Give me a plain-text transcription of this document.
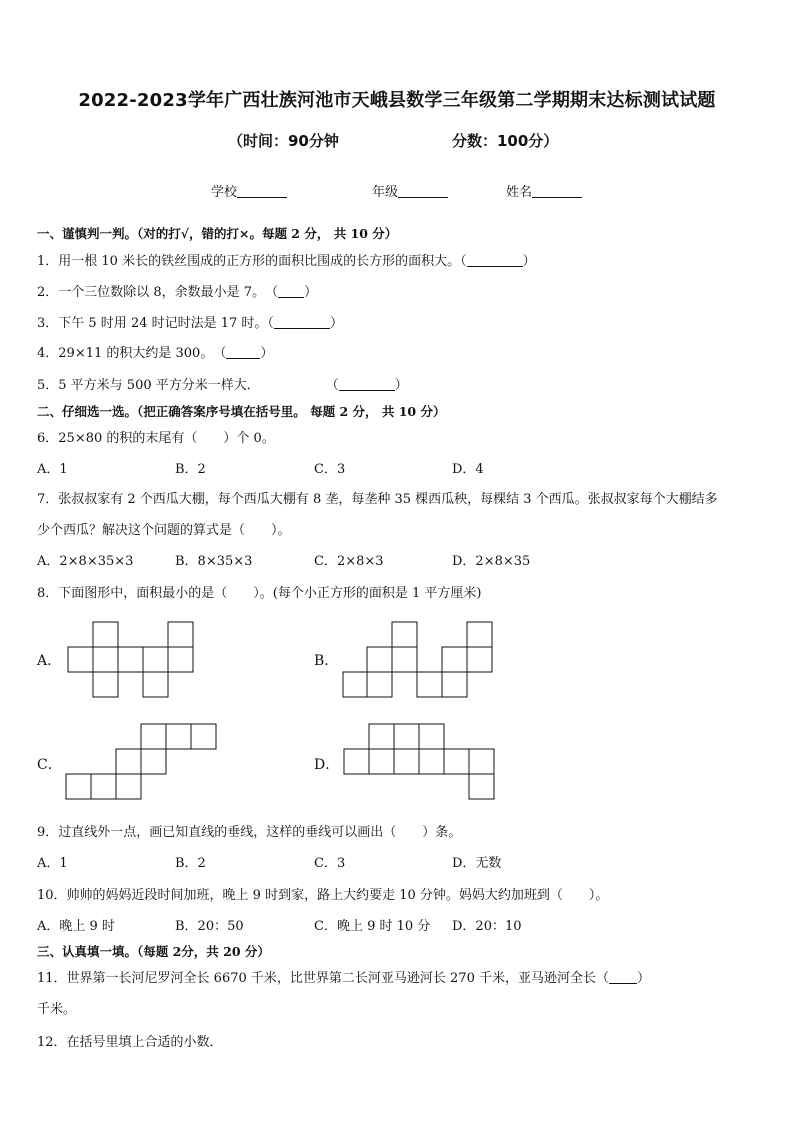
2022-2023学年广西壮族河池市天峨县数学三年级第二学期期末达标测试试题
（时间：90分钟	分数：100分）
学校	年级	姓名
一、谨慎判一判。（对的打√，错的打×。每题 2 分， 共 10 分）
1．用一根 10 米长的铁丝围成的正方形的面积比围成的长方形的面积大。（	）
2．一个三位数除以 8，余数最小是 7。　（ ）
3．下午 5 时用 24 时记时法是 17 时。（	）
4．29×11 的积大约是 300。　（	）
5．5 平方米与 500 平方分米一样大．	（	）
二、仔细选一选。（把正确答案序号填在括号里。 每题 2 分， 共 10 分）
6．25×80 的积的末尾有（　　）个 0。
A．1	B．2	C．3	D．4
7．张叔叔家有 2 个西瓜大棚，每个西瓜大棚有 8 垄，每垄种 35 棵西瓜秧，每棵结 3 个西瓜。张叔叔家每个大棚结多
少个西瓜？解决这个问题的算式是（　　）。
A．2×8×35×3	B．8×35×3	C．2×8×3	D．2×8×35
8．下面图形中，面积最小的是（　　）。(每个小正方形的面积是 1 平方厘米)
A．	B．
C．	D．
9．过直线外一点，画已知直线的垂线，这样的垂线可以画出（　　）条。
A．1	B．2	C．3	D．无数
10．帅帅的妈妈近段时间加班，晚上 9 时到家，路上大约要走 10 分钟。妈妈大约加班到（　　）。
A．晚上 9 时	B．20：50	C．晚上 9 时 10 分 D．20：10
三、认真填一填。（每题 2分，共 20 分）
11．世界第一长河尼罗河全长 6670 千米，比世界第二长河亚马逊河长 270 千米，亚马逊河全长（ ）
千米。
12．在括号里填上合适的小数．
